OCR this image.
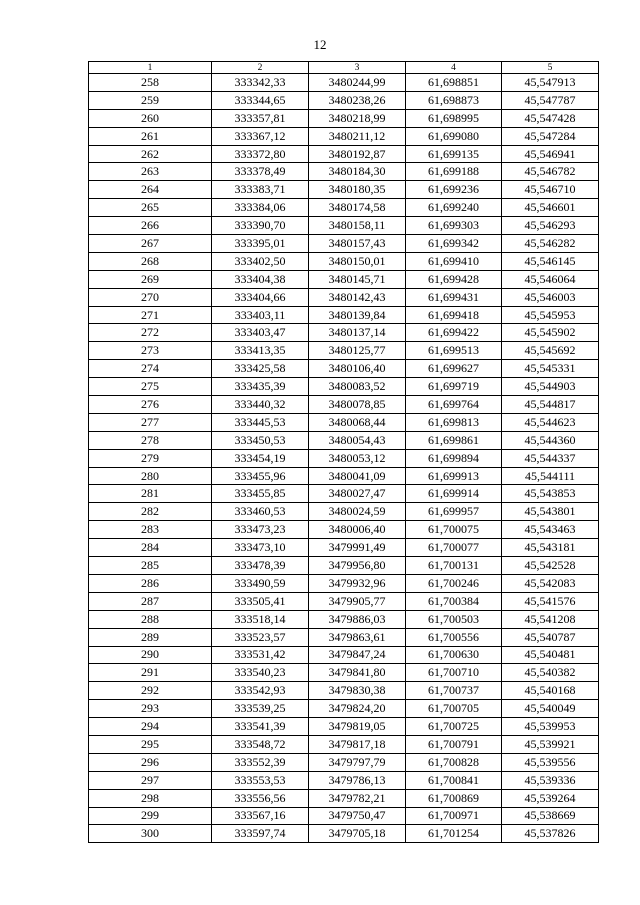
12
1	2	3	4	5
258	333342,33	3480244,99	61,698851	45,547913
259	333344,65	3480238,26	61,698873	45,547787
260	333357,81	3480218,99	61,698995	45,547428
261	333367,12	3480211,12	61,699080	45,547284
262	333372,80	3480192,87	61,699135	45,546941
263	333378,49	3480184,30	61,699188	45,546782
264	333383,71	3480180,35	61,699236	45,546710
265	333384,06	3480174,58	61,699240	45,546601
266	333390,70	3480158,11	61,699303	45,546293
267	333395,01	3480157,43	61,699342	45,546282
268	333402,50	3480150,01	61,699410	45,546145
269	333404,38	3480145,71	61,699428	45,546064
270	333404,66	3480142,43	61,699431	45,546003
271	333403,11	3480139,84	61,699418	45,545953
272	333403,47	3480137,14	61,699422	45,545902
273	333413,35	3480125,77	61,699513	45,545692
274	333425,58	3480106,40	61,699627	45,545331
275	333435,39	3480083,52	61,699719	45,544903
276	333440,32	3480078,85	61,699764	45,544817
277	333445,53	3480068,44	61,699813	45,544623
278	333450,53	3480054,43	61,699861	45,544360
279	333454,19	3480053,12	61,699894	45,544337
280	333455,96	3480041,09	61,699913	45,544111
281	333455,85	3480027,47	61,699914	45,543853
282	333460,53	3480024,59	61,699957	45,543801
283	333473,23	3480006,40	61,700075	45,543463
284	333473,10	3479991,49	61,700077	45,543181
285	333478,39	3479956,80	61,700131	45,542528
286	333490,59	3479932,96	61,700246	45,542083
287	333505,41	3479905,77	61,700384	45,541576
288	333518,14	3479886,03	61,700503	45,541208
289	333523,57	3479863,61	61,700556	45,540787
290	333531,42	3479847,24	61,700630	45,540481
291	333540,23	3479841,80	61,700710	45,540382
292	333542,93	3479830,38	61,700737	45,540168
293	333539,25	3479824,20	61,700705	45,540049
294	333541,39	3479819,05	61,700725	45,539953
295	333548,72	3479817,18	61,700791	45,539921
296	333552,39	3479797,79	61,700828	45,539556
297	333553,53	3479786,13	61,700841	45,539336
298	333556,56	3479782,21	61,700869	45,539264
299	333567,16	3479750,47	61,700971	45,538669
300	333597,74	3479705,18	61,701254	45,537826
